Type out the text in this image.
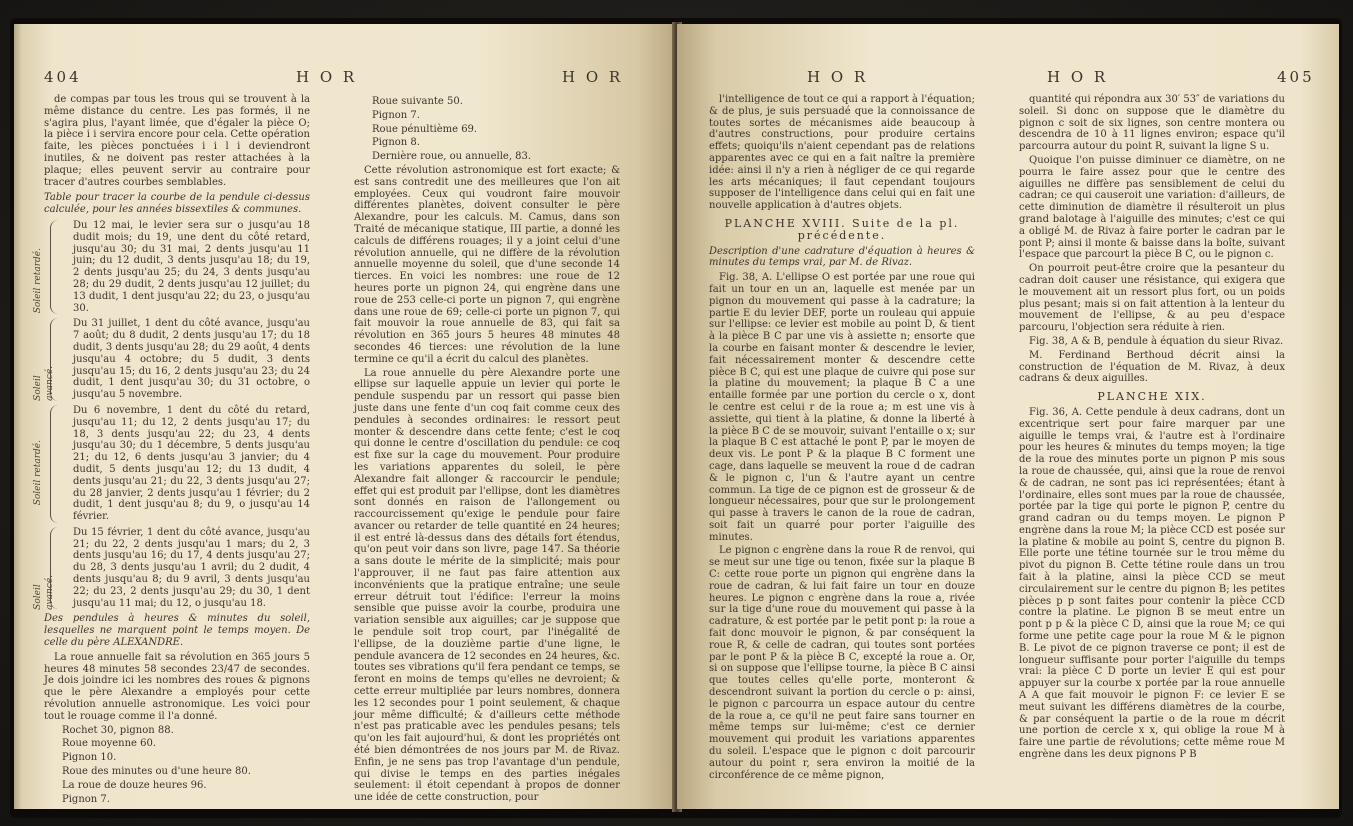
404	H O R	H O R

de compas par tous les trous qui se trouvent à la même distance du centre. Les pas formés, il ne s'agira plus, l'ayant limée, que d'égaler la pièce O; la pièce i i servira encore pour cela. Cette opération faite, les pièces ponctuées i i l i deviendront inutiles, & ne doivent pas rester attachées à la plaque; elles peuvent servir au contraire pour tracer d'autres courbes semblables.

Table pour tracer la courbe de la pendule ci-dessus calculée, pour les années bissextiles & communes.

Soleil retardé.

Du 12 mai, le levier sera sur o jusqu'au 18 dudit mois; du 19, une dent du côté retard, jusqu'au 30; du 31 mai, 2 dents jusqu'au 11 juin; du 12 dudit, 3 dents jusqu'au 18; du 19, 2 dents jusqu'au 25; du 24, 3 dents jusqu'au 28; du 29 dudit, 2 dents jusqu'au 12 juillet; du 13 dudit, 1 dent jusqu'au 22; du 23, o jusqu'au 30.

Soleil avancé.

Du 31 juillet, 1 dent du côté avance, jusqu'au 7 août; du 8 dudit, 2 dents jusqu'au 17; du 18 dudit, 3 dents jusqu'au 28; du 29 août, 4 dents jusqu'au 4 octobre; du 5 dudit, 3 dents jusqu'au 15; du 16, 2 dents jusqu'au 23; du 24 dudit, 1 dent jusqu'au 30; du 31 octobre, o jusqu'au 5 novembre.

Soleil retardé.

Du 6 novembre, 1 dent du côté du retard, jusqu'au 11; du 12, 2 dents jusqu'au 17; du 18, 3 dents jusqu'au 22; du 23, 4 dents jusqu'au 30; du 1 décembre, 5 dents jusqu'au 21; du 12, 6 dents jusqu'au 3 janvier; du 4 dudit, 5 dents jusqu'au 12; du 13 dudit, 4 dents jusqu'au 21; du 22, 3 dents jusqu'au 27; du 28 janvier, 2 dents jusqu'au 1 février; du 2 dudit, 1 dent jusqu'au 8; du 9, o jusqu'au 14 février.

Soleil avancé.

Du 15 février, 1 dent du côté avance, jusqu'au 21; du 22, 2 dents jusqu'au 1 mars; du 2, 3 dents jusqu'au 16; du 17, 4 dents jusqu'au 27; du 28, 3 dents jusqu'au 1 avril; du 2 dudit, 4 dents jusqu'au 8; du 9 avril, 3 dents jusqu'au 22; du 23, 2 dents jusqu'au 29; du 30, 1 dent jusqu'au 11 mai; du 12, o jusqu'au 18.

Des pendules à heures & minutes du soleil, lesquelles ne marquent point le temps moyen. De celle du père ALEXANDRE.

La roue annuelle fait sa révolution en 365 jours 5 heures 48 minutes 58 secondes 23/47 de secondes. Je dois joindre ici les nombres des roues & pignons que le père Alexandre a employés pour cette révolution annuelle astronomique. Les voici pour tout le rouage comme il l'a donné.

Rochet 30, pignon 88.

Roue moyenne 60.

Pignon 10.

Roue des minutes ou d'une heure 80.

La roue de douze heures 96.

Pignon 7.

Roue suivante 50.

Pignon 7.

Roue pénultième 69.

Pignon 8.

Dernière roue, ou annuelle, 83.

Cette révolution astronomique est fort exacte; & est sans contredit une des meilleures que l'on ait employées. Ceux qui voudront faire mouvoir différentes planètes, doivent consulter le père Alexandre, pour les calculs. M. Camus, dans son Traité de mécanique statique, III partie, a donné les calculs de différens rouages; il y a joint celui d'une révolution annuelle, qui ne diffère de la révolution annuelle moyenne du soleil, que d'une seconde 14 tierces. En voici les nombres: une roue de 12 heures porte un pignon 24, qui engrène dans une roue de 253 celle-ci porte un pignon 7, qui engrène dans une roue de 69; celle-ci porte un pignon 7, qui fait mouvoir la roue annuelle de 83, qui fait sa révolution en 365 jours 5 heures 48 minutes 48 secondes 46 tierces: une révolution de la lune termine ce qu'il a écrit du calcul des planètes.

La roue annuelle du père Alexandre porte une ellipse sur laquelle appuie un levier qui porte le pendule suspendu par un ressort qui passe bien juste dans une fente d'un coq fait comme ceux des pendules à secondes ordinaires: le ressort peut monter & descendre dans cette fente; c'est le coq qui donne le centre d'oscillation du pendule: ce coq est fixe sur la cage du mouvement. Pour produire les variations apparentes du soleil, le père Alexandre fait allonger & raccourcir le pendule; effet qui est produit par l'ellipse, dont les diamètres sont donnés en raison de l'allongement ou raccourcissement qu'exige le pendule pour faire avancer ou retarder de telle quantité en 24 heures; il est entré là-dessus dans des détails fort étendus, qu'on peut voir dans son livre, page 147. Sa théorie a sans doute le mérite de la simplicité; mais pour l'approuver, il ne faut pas faire attention aux inconvénients que la pratique entraîne; une seule erreur détruit tout l'édifice: l'erreur la moins sensible que puisse avoir la courbe, produira une variation sensible aux aiguilles; car je suppose que le pendule soit trop court, par l'inégalité de l'ellipse, de la douzième partie d'une ligne, le pendule avancera de 12 secondes en 24 heures, &c. toutes ses vibrations qu'il fera pendant ce temps, se feront en moins de temps qu'elles ne devroient; & cette erreur multipliée par leurs nombres, donnera les 12 secondes pour 1 point seulement, & chaque jour même difficulté; & d'ailleurs cette méthode n'est pas praticable avec les pendules pesans; tels qu'on les fait aujourd'hui, & dont les propriétés ont été bien démontrées de nos jours par M. de Rivaz. Enfin, je ne sens pas trop l'avantage d'un pendule, qui divise le temps en des parties inégales seulement: il étoit cependant à propos de donner une idée de cette construction, pour

H O R	H O R	405

l'intelligence de tout ce qui a rapport à l'équation; & de plus, je suis persuadé que la connoissance de toutes sortes de mécanismes aide beaucoup à d'autres constructions, pour produire certains effets; quoiqu'ils n'aient cependant pas de relations apparentes avec ce qui en a fait naître la première idée: ainsi il n'y a rien à négliger de ce qui regarde les arts mécaniques; il faut cependant toujours supposer de l'intelligence dans celui qui en fait une nouvelle application à d'autres objets.

PLANCHE XVIII. Suite de la pl. précédente.

Description d'une cadrature d'équation à heures & minutes du temps vrai, par M. de Rivaz.

Fig. 38, A. L'ellipse O est portée par une roue qui fait un tour en un an, laquelle est menée par un pignon du mouvement qui passe à la cadrature; la partie E du levier DEF, porte un rouleau qui appuie sur l'ellipse: ce levier est mobile au point D, & tient à la pièce B C par une vis à assiette n; ensorte que la courbe en faisant monter & descendre le levier, fait nécessairement monter & descendre cette pièce B C, qui est une plaque de cuivre qui pose sur la platine du mouvement; la plaque B C a une entaille formée par une portion du cercle o x, dont le centre est celui r de la roue a; m est une vis à assiette, qui tient à la platine, & donne la liberté à la pièce B C de se mouvoir, suivant l'entaille o x; sur la plaque B C est attaché le pont P, par le moyen de deux vis. Le pont P & la plaque B C forment une cage, dans laquelle se meuvent la roue d de cadran & le pignon c, l'un & l'autre ayant un centre commun. La tige de ce pignon est de grosseur & de longueur nécessaires, pour que sur le prolongement qui passe à travers le canon de la roue de cadran, soit fait un quarré pour porter l'aiguille des minutes.

Le pignon c engrène dans la roue R de renvoi, qui se meut sur une tige ou tenon, fixée sur la plaque B C: cette roue porte un pignon qui engrène dans la roue de cadran, & lui fait faire un tour en douze heures. Le pignon c engrène dans la roue a, rivée sur la tige d'une roue du mouvement qui passe à la cadrature, & est portée par le petit pont p: la roue a fait donc mouvoir le pignon, & par conséquent la roue R, & celle de cadran, qui toutes sont portées par le pont P & la pièce B C, excepté la roue a. Or, si on suppose que l'ellipse tourne, la pièce B C ainsi que toutes celles qu'elle porte, monteront & descendront suivant la portion du cercle o p: ainsi, le pignon c parcourra un espace autour du centre de la roue a, ce qu'il ne peut faire sans tourner en même temps sur lui-même; c'est ce dernier mouvement qui produit les variations apparentes du soleil. L'espace que le pignon c doit parcourir autour du point r, sera environ la moitié de la circonférence de ce même pignon,

quantité qui répondra aux 30′ 53″ de variations du soleil. Si donc on suppose que le diamètre du pignon c soit de six lignes, son centre montera ou descendra de 10 à 11 lignes environ; espace qu'il parcourra autour du point R, suivant la ligne S u.

Quoique l'on puisse diminuer ce diamètre, on ne pourra le faire assez pour que le centre des aiguilles ne diffère pas sensiblement de celui du cadran; ce qui causeroit une variation: d'ailleurs, de cette diminution de diamètre il résulteroit un plus grand balotage à l'aiguille des minutes; c'est ce qui a obligé M. de Rivaz à faire porter le cadran par le pont P; ainsi il monte & baisse dans la boîte, suivant l'espace que parcourt la pièce B C, ou le pignon c.

On pourroit peut-être croire que la pesanteur du cadran doit causer une résistance, qui exigera que le mouvement ait un ressort plus fort, ou un poids plus pesant; mais si on fait attention à la lenteur du mouvement de l'ellipse, & au peu d'espace parcouru, l'objection sera réduite à rien.

Fig. 38, A & B, pendule à équation du sieur Rivaz.

M. Ferdinand Berthoud décrit ainsi la construction de l'équation de M. Rivaz, à deux cadrans & deux aiguilles.

PLANCHE XIX.

Fig. 36, A. Cette pendule à deux cadrans, dont un excentrique sert pour faire marquer par une aiguille le temps vrai, & l'autre est à l'ordinaire pour les heures & minutes du temps moyen; la tige de la roue des minutes porte un pignon P mis sous la roue de chaussée, qui, ainsi que la roue de renvoi & de cadran, ne sont pas ici représentées; étant à l'ordinaire, elles sont mues par la roue de chaussée, portée par la tige qui porte le pignon P, centre du grand cadran ou du temps moyen. Le pignon P engrène dans la roue M; la pièce CCD est posée sur la platine & mobile au point S, centre du pignon B. Elle porte une tétine tournée sur le trou même du pivot du pignon B. Cette tétine roule dans un trou fait à la platine, ainsi la pièce CCD se meut circulairement sur le centre du pignon B; les petites pièces p p sont faites pour contenir la pièce CCD contre la platine. Le pignon B se meut entre un pont p p & la pièce C D, ainsi que la roue M; ce qui forme une petite cage pour la roue M & le pignon B. Le pivot de ce pignon traverse ce pont; il est de longueur suffisante pour porter l'aiguille du temps vrai: la pièce C D porte un levier E qui est pour appuyer sur la courbe x portée par la roue annuelle A A que fait mouvoir le pignon F: ce levier E se meut suivant les différens diamètres de la courbe, & par conséquent la partie o de la roue m décrit une portion de cercle x x, qui oblige la roue M à faire une partie de révolutions; cette même roue M engrène dans les deux pignons P B
